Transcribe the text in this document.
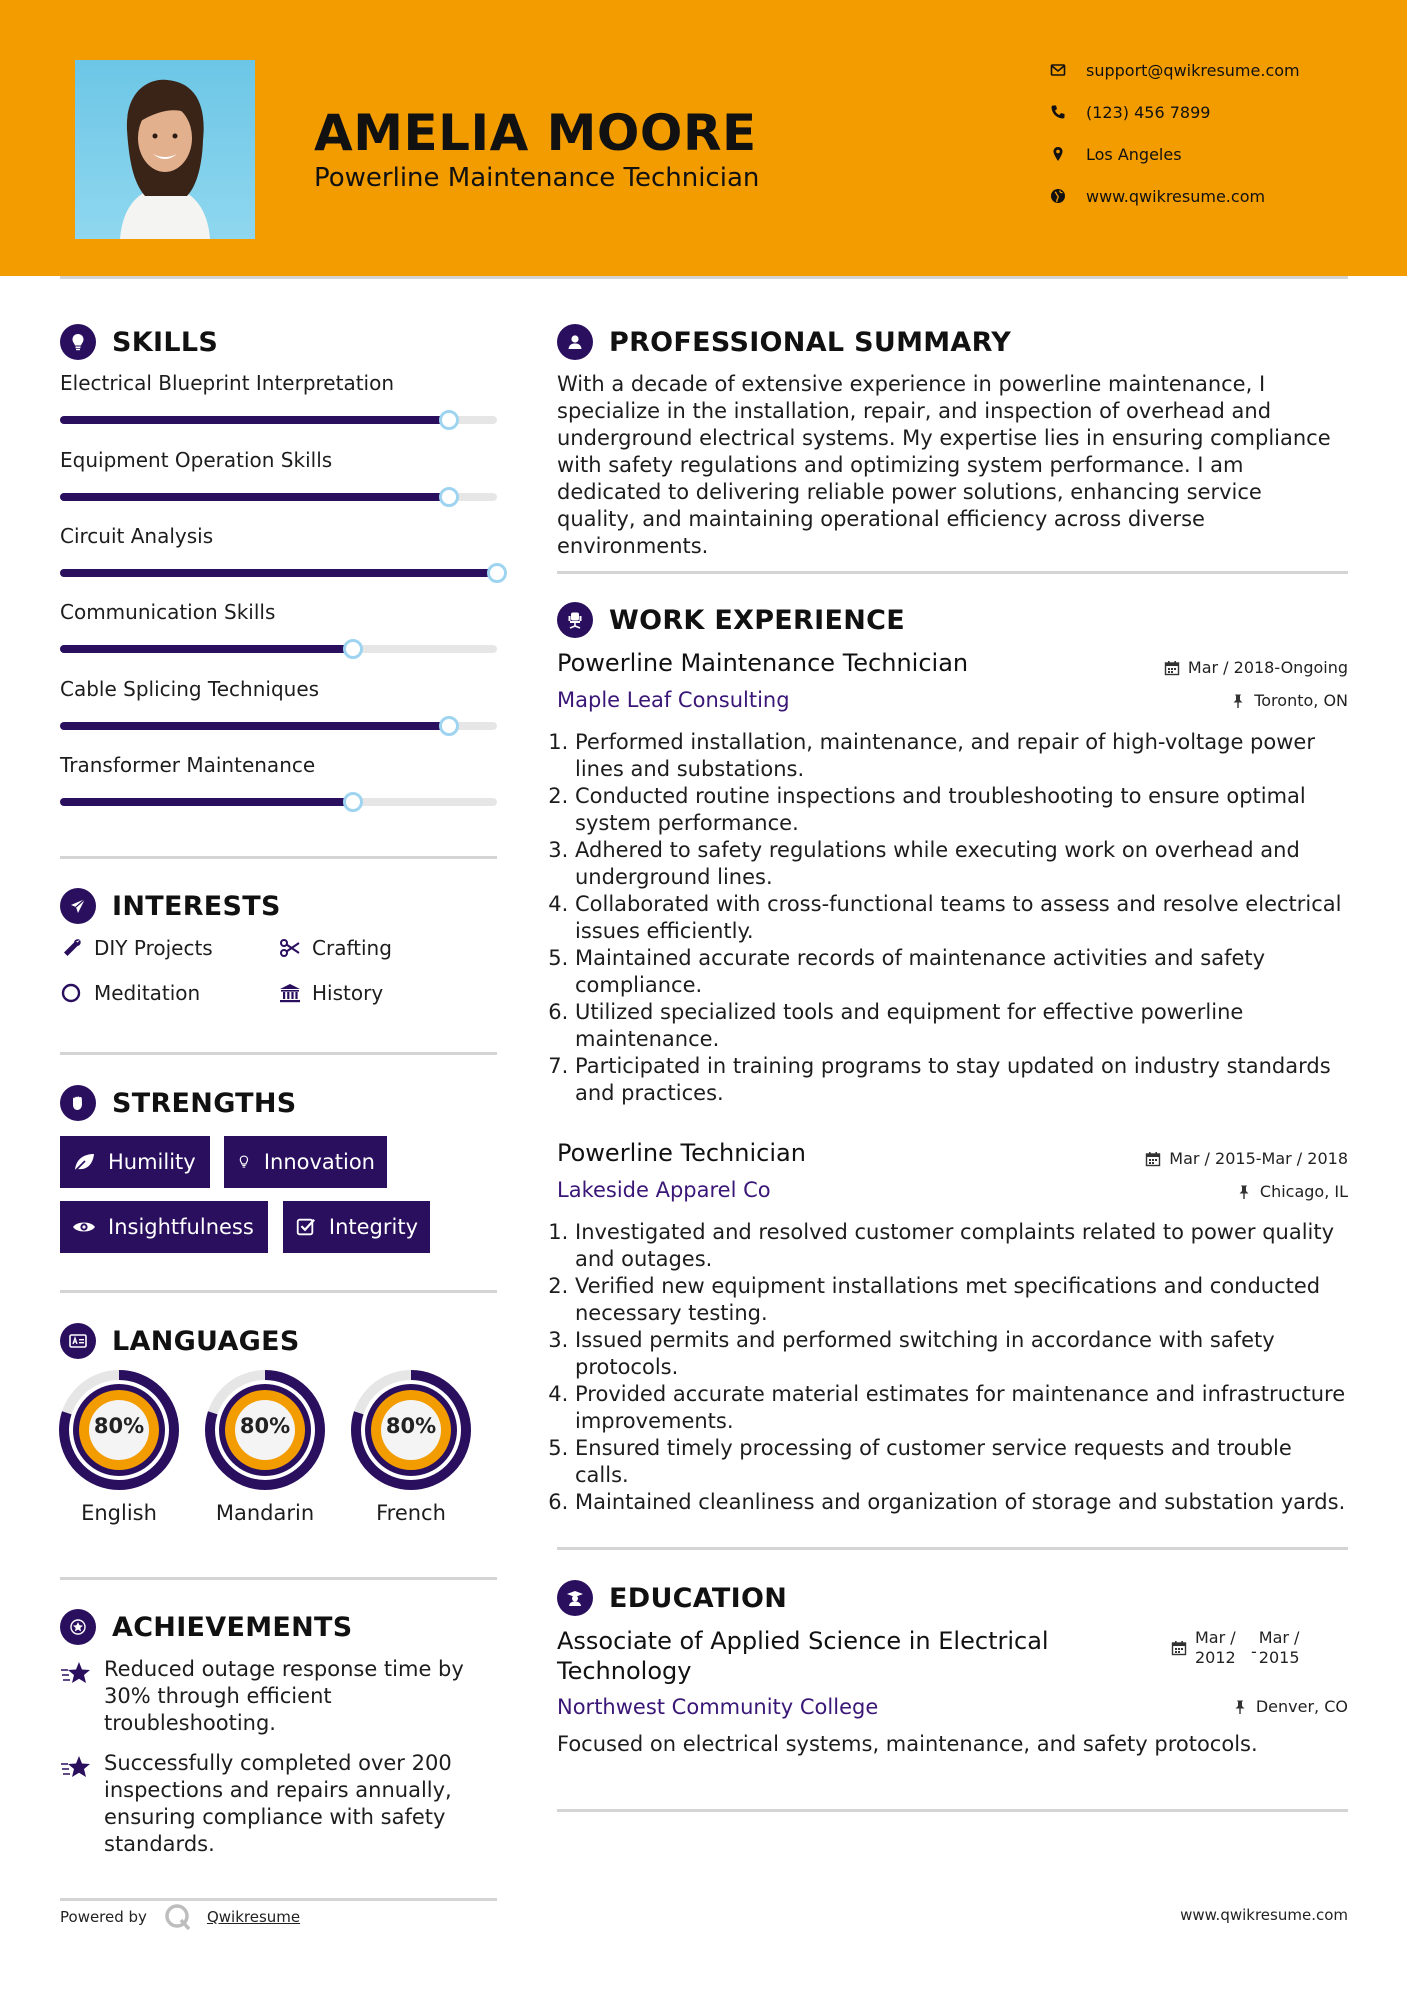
AMELIA MOORE
Powerline Maintenance Technician
support@qwikresume.com
(123) 456 7899
Los Angeles
www.qwikresume.com
SKILLS
Electrical Blueprint Interpretation
Equipment Operation Skills
Circuit Analysis
Communication Skills
Cable Splicing Techniques
Transformer Maintenance
INTERESTS
DIY Projects	Crafting
Meditation	History
STRENGTHS
Humility	Innovation
Insightfulness	Integrity
LANGUAGES
80%
English
80%
Mandarin
80%
French
ACHIEVEMENTS
Reduced outage response time by 30% through efficient troubleshooting.
Successfully completed over 200 inspections and repairs annually, ensuring compliance with safety standards.
PROFESSIONAL SUMMARY
With a decade of extensive experience in powerline maintenance, I specialize in the installation, repair, and inspection of overhead and underground electrical systems. My expertise lies in ensuring compliance with safety regulations and optimizing system performance. I am dedicated to delivering reliable power solutions, enhancing service quality, and maintaining operational efficiency across diverse environments.
WORK EXPERIENCE
Powerline Maintenance Technician	Mar / 2018-Ongoing
Maple Leaf Consulting	Toronto, ON
1. Performed installation, maintenance, and repair of high-voltage power lines and substations.
2. Conducted routine inspections and troubleshooting to ensure optimal system performance.
3. Adhered to safety regulations while executing work on overhead and underground lines.
4. Collaborated with cross-functional teams to assess and resolve electrical issues efficiently.
5. Maintained accurate records of maintenance activities and safety compliance.
6. Utilized specialized tools and equipment for effective powerline maintenance.
7. Participated in training programs to stay updated on industry standards and practices.
Powerline Technician	Mar / 2015-Mar / 2018
Lakeside Apparel Co	Chicago, IL
1. Investigated and resolved customer complaints related to power quality and outages.
2. Verified new equipment installations met specifications and conducted necessary testing.
3. Issued permits and performed switching in accordance with safety protocols.
4. Provided accurate material estimates for maintenance and infrastructure improvements.
5. Ensured timely processing of customer service requests and trouble calls.
6. Maintained cleanliness and organization of storage and substation yards.
EDUCATION
Associate of Applied Science in Electrical Technology
Mar / 2012 -
Mar / 2015
Northwest Community College	Denver, CO
Focused on electrical systems, maintenance, and safety protocols.
Powered by	Qwikresume	www.qwikresume.com
